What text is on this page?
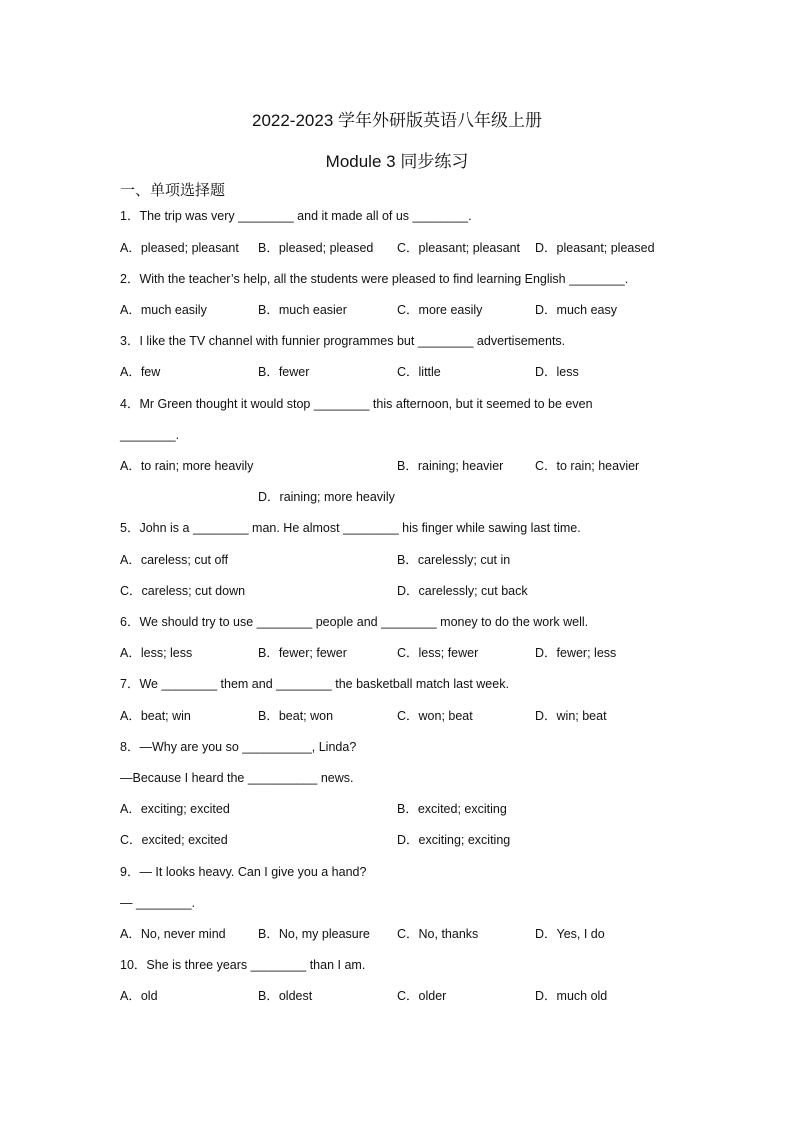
2022-2023 学年外研版英语八年级上册
Module 3 同步练习
一、单项选择题
1．The trip was very ________ and it made all of us ________.
A．pleased; pleasant B．pleased; pleased C．pleasant; pleasant D．pleasant; pleased
2．With the teacher’s help, all the students were pleased to find learning English ________.
A．much easily	B．much easier	C．more easily	D．much easy
3．I like the TV channel with funnier programmes but ________ advertisements.
A．few	B．fewer	C．little	D．less
4．Mr Green thought it would stop ________ this afternoon, but it seemed to be even
________.
A．to rain; more heavily	B．raining; heavier	C．to rain; heavier
D．raining; more heavily
5．John is a ________ man. He almost ________ his finger while sawing last time.
A．careless; cut off	B．carelessly; cut in
C．careless; cut down	D．carelessly; cut back
6．We should try to use ________ people and ________ money to do the work well.
A．less; less	B．fewer; fewer	C．less; fewer	D．fewer; less
7．We ________ them and ________ the basketball match last week.
A．beat; win	B．beat; won	C．won; beat	D．win; beat
8．—Why are you so __________, Linda?
—Because I heard the __________ news.
A．exciting; excited	B．excited; exciting
C．excited; excited	D．exciting; exciting
9．— It looks heavy. Can I give you a hand?
— ________.
A．No, never mind	B．No, my pleasure C．No, thanks	D．Yes, I do
10．She is three years ________ than I am.
A．old	B．oldest	C．older	D．much old
